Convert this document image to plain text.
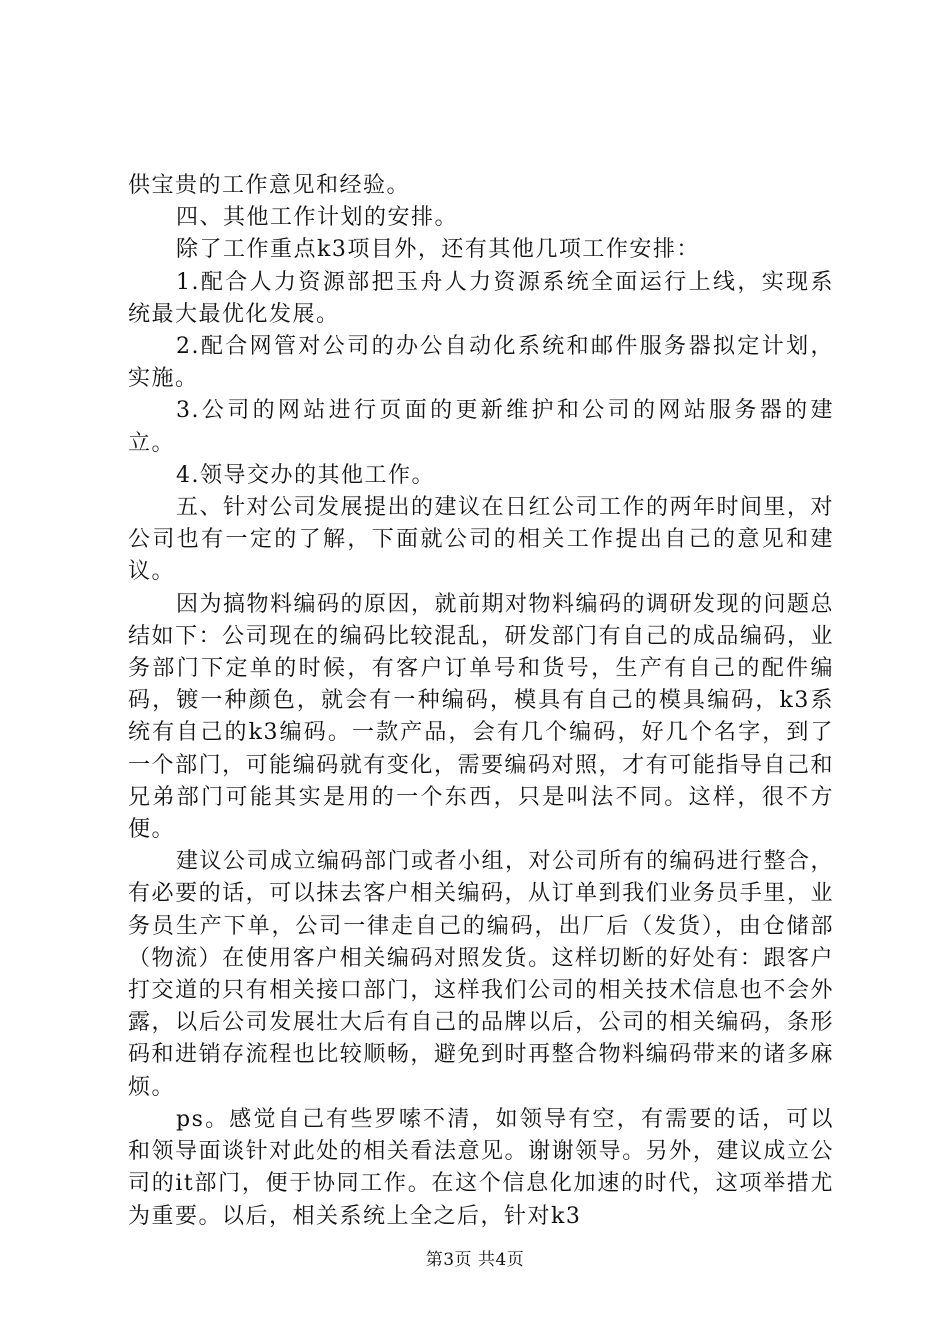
供宝贵的工作意见和经验。

四、其他工作计划的安排。

除了工作重点k3项目外，还有其他几项工作安排：

1.配合人力资源部把玉舟人力资源系统全面运行上线，实现系统最大最优化发展。

2.配合网管对公司的办公自动化系统和邮件服务器拟定计划，实施。

3.公司的网站进行页面的更新维护和公司的网站服务器的建立。

4.领导交办的其他工作。

五、针对公司发展提出的建议在日红公司工作的两年时间里，对公司也有一定的了解，下面就公司的相关工作提出自己的意见和建议。

因为搞物料编码的原因，就前期对物料编码的调研发现的问题总结如下：公司现在的编码比较混乱，研发部门有自己的成品编码，业务部门下定单的时候，有客户订单号和货号，生产有自己的配件编码，镀一种颜色，就会有一种编码，模具有自己的模具编码，k3系统有自己的k3编码。一款产品，会有几个编码，好几个名字，到了一个部门，可能编码就有变化，需要编码对照，才有可能指导自己和兄弟部门可能其实是用的一个东西，只是叫法不同。这样，很不方便。

建议公司成立编码部门或者小组，对公司所有的编码进行整合，有必要的话，可以抹去客户相关编码，从订单到我们业务员手里，业务员生产下单，公司一律走自己的编码，出厂后（发货），由仓储部（物流）在使用客户相关编码对照发货。这样切断的好处有：跟客户打交道的只有相关接口部门，这样我们公司的相关技术信息也不会外露，以后公司发展壮大后有自己的品牌以后，公司的相关编码，条形码和进销存流程也比较顺畅，避免到时再整合物料编码带来的诸多麻烦。

ps。感觉自己有些罗嗦不清，如领导有空，有需要的话，可以和领导面谈针对此处的相关看法意见。谢谢领导。另外，建议成立公司的it部门，便于协同工作。在这个信息化加速的时代，这项举措尤为重要。以后，相关系统上全之后，针对k3

第3页 共4页
